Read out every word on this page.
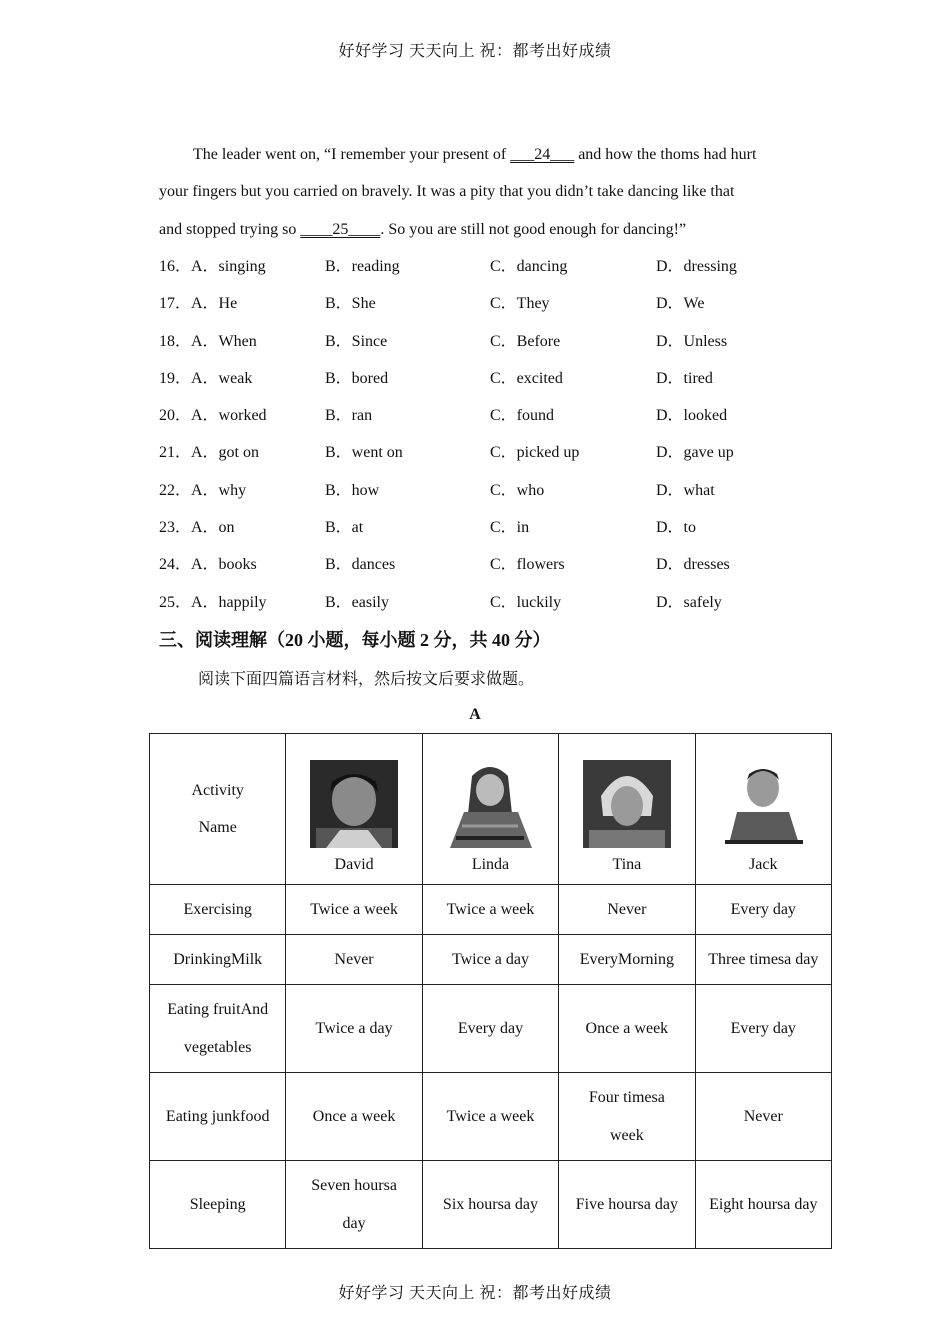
好好学习 天天向上 祝：都考出好成绩

The leader went on, “I remember your present of ___24___ and how the thoms had hurt

your fingers but you carried on bravely. It was a pity that you didn’t take dancing like that

and stopped trying so ____25____. So you are still not good enough for dancing!”

16．A．singing	B．reading	C．dancing	D．dressing
17．A．He	B．She	C．They	D．We
18．A．When	B．Since	C．Before	D．Unless
19．A．weak	B．bored	C．excited	D．tired
20．A．worked	B．ran	C．found	D．looked
21．A．got on	B．went on	C．picked up	D．gave up
22．A．why	B．how	C．who	D．what
23．A．on	B．at	C．in	D．to
24．A．books	B．dances	C．flowers	D．dresses
25．A．happily	B．easily	C．luckily	D．safely
三、阅读理解（20 小题，每小题 2 分，共 40 分）
阅读下面四篇语言材料，然后按文后要求做题。
A
Activity
Name	David	Linda	Tina	Jack

Exercising	Twice a week	Twice a week	Never	Every day

DrinkingMilk	Never	Twice a day	EveryMorning	Three timesa day

Eating fruitAnd
vegetables	Twice a day	Every day	Once a week	Every day

Eating junkfood	Once a week	Twice a week	Four timesa
week	Never

Sleeping	Seven hoursa
day	Six hoursa day	Five hoursa day	Eight hoursa day
好好学习 天天向上 祝：都考出好成绩
